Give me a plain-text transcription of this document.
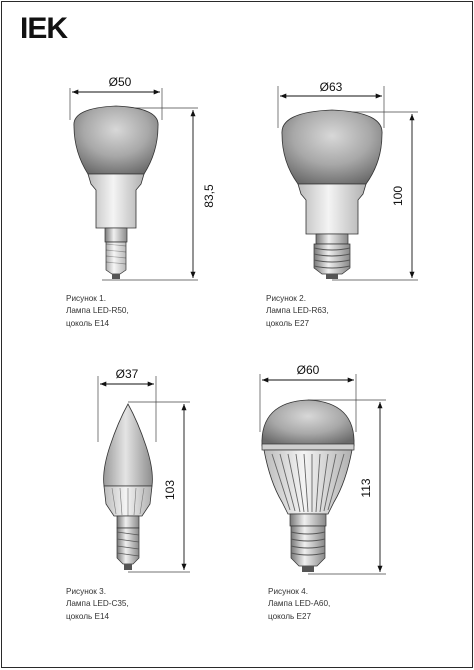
IEK
Ø50
83,5
Ø63
100
Ø37
103
Ø60
113
Рисунок 1.
Лампа LED-R50,
цоколь E14
Рисунок 2.
Лампа LED-R63,
цоколь E27
Рисунок 3.
Лампа LED-C35,
цоколь E14
Рисунок 4.
Лампа LED-A60,
цоколь E27
